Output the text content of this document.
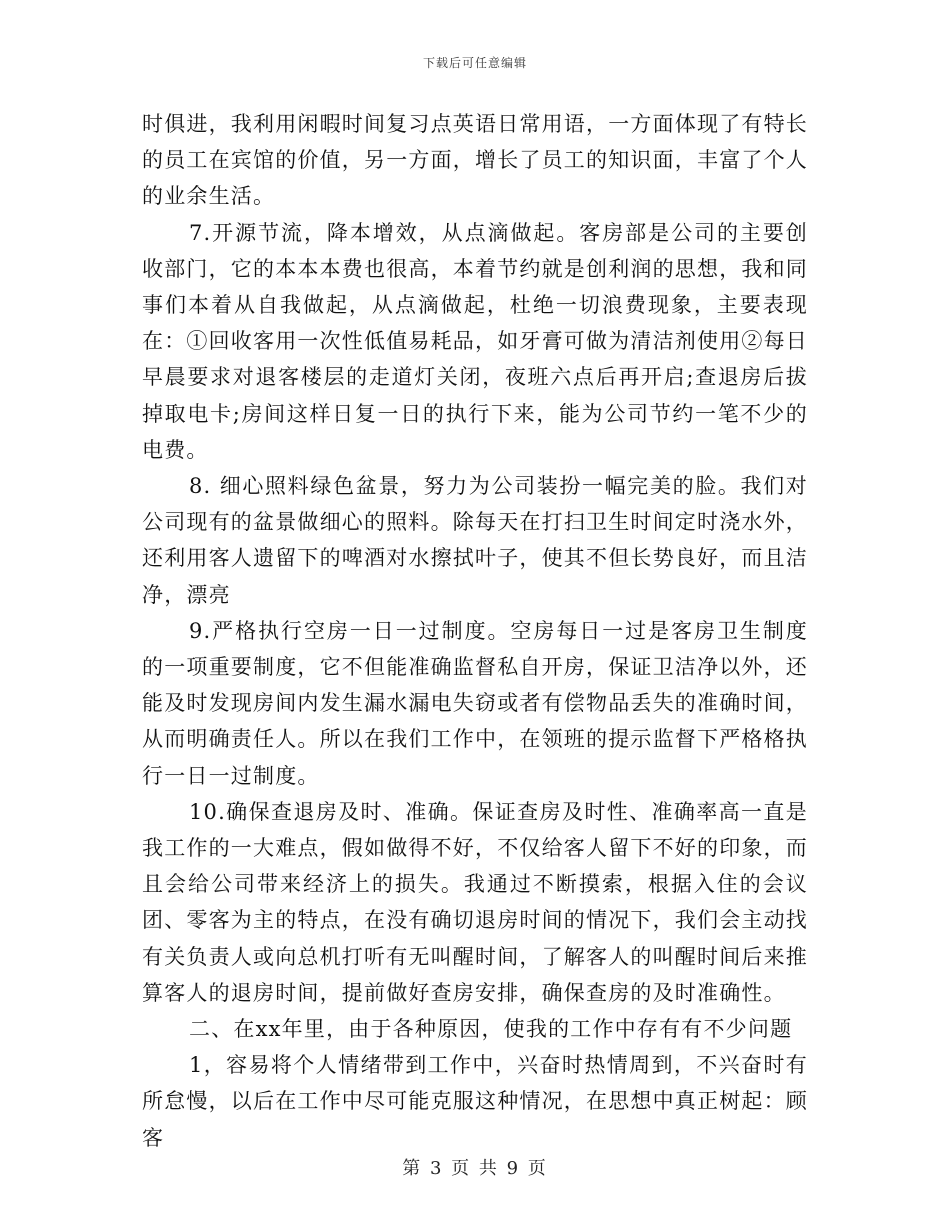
下载后可任意编辑

时俱进，我利用闲暇时间复习点英语日常用语，一方面体现了有特长的员工在宾馆的价值，另一方面，增长了员工的知识面，丰富了个人的业余生活。

7.开源节流，降本增效，从点滴做起。客房部是公司的主要创收部门，它的本本本费也很高，本着节约就是创利润的思想，我和同事们本着从自我做起，从点滴做起，杜绝一切浪费现象，主要表现在：①回收客用一次性低值易耗品，如牙膏可做为清洁剂使用②每日早晨要求对退客楼层的走道灯关闭，夜班六点后再开启;查退房后拔掉取电卡;房间这样日复一日的执行下来，能为公司节约一笔不少的电费。

8. 细心照料绿色盆景，努力为公司装扮一幅完美的脸。我们对公司现有的盆景做细心的照料。除每天在打扫卫生时间定时浇水外，还利用客人遗留下的啤酒对水擦拭叶子，使其不但长势良好，而且洁净，漂亮

9.严格执行空房一日一过制度。空房每日一过是客房卫生制度的一项重要制度，它不但能准确监督私自开房，保证卫洁净以外，还能及时发现房间内发生漏水漏电失窃或者有偿物品丢失的准确时间，从而明确责任人。所以在我们工作中，在领班的提示监督下严格格执行一日一过制度。

10.确保查退房及时、准确。保证查房及时性、准确率高一直是我工作的一大难点，假如做得不好，不仅给客人留下不好的印象，而且会给公司带来经济上的损失。我通过不断摸索，根据入住的会议团、零客为主的特点，在没有确切退房时间的情况下，我们会主动找有关负责人或向总机打听有无叫醒时间，了解客人的叫醒时间后来推算客人的退房时间，提前做好查房安排，确保查房的及时准确性。

二、在xx年里，由于各种原因，使我的工作中存有有不少问题

1，容易将个人情绪带到工作中，兴奋时热情周到，不兴奋时有所怠慢，以后在工作中尽可能克服这种情况，在思想中真正树起：顾客

第 3 页 共 9 页
